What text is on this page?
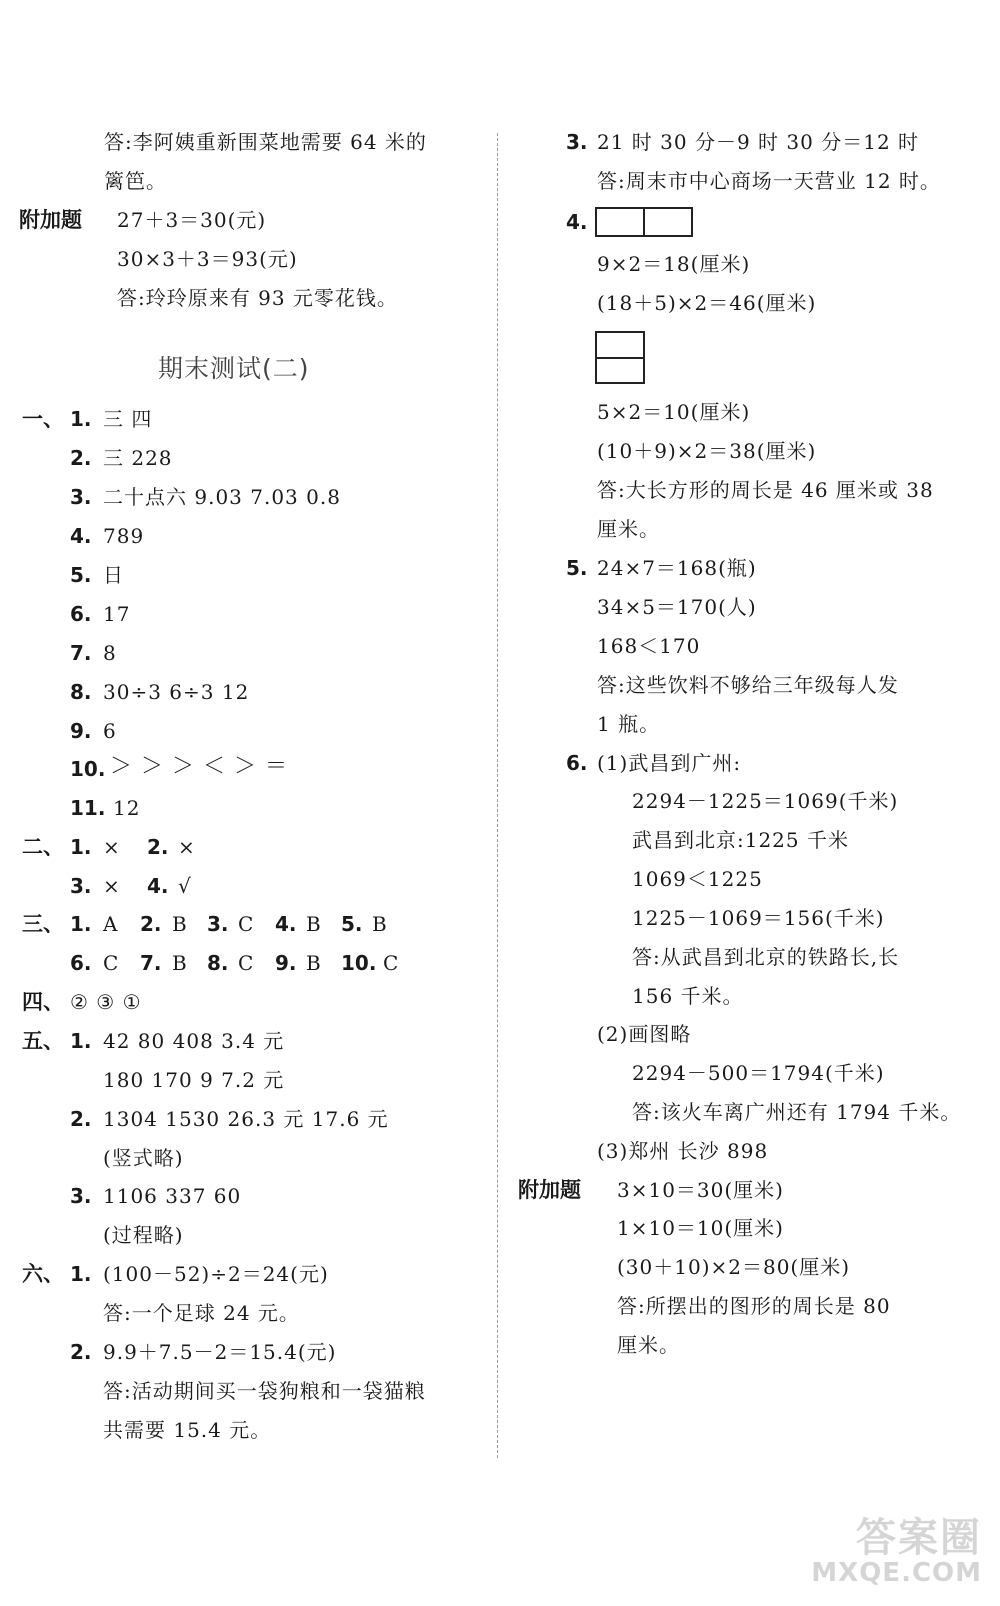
答:李阿姨重新围菜地需要 64 米的
篱笆。
附加题 27＋3＝30(元)
30×3＋3＝93(元)
答:玲玲原来有 93 元零花钱。
期末测试(二)
一、 1. 三 四
2. 三 228
3. 二十点六 9.03 7.03 0.8
4. 789
5. 日
6. 17
7. 8
8. 30÷3 6÷3 12
9. 6
10. ＞ ＞ ＞ ＜ ＞ ＝
11. 12
二、 1. × 2. ×
3. × 4. √
三、 1. A 2. B 3. C 4. B 5. B
6. C 7. B 8. C 9. B 10. C
四、 ② ③ ①
五、 1. 42 80 408 3.4 元
180 170 9 7.2 元
2. 1304 1530 26.3 元 17.6 元
(竖式略)
3. 1106 337 60
(过程略)
六、 1. (100－52)÷2＝24(元)
答:一个足球 24 元。
2. 9.9＋7.5－2＝15.4(元)
答:活动期间买一袋狗粮和一袋猫粮
共需要 15.4 元。
3. 21 时 30 分－9 时 30 分＝12 时
答:周末市中心商场一天营业 12 时。
4.
9×2＝18(厘米)
(18＋5)×2＝46(厘米)
5×2＝10(厘米)
(10＋9)×2＝38(厘米)
答:大长方形的周长是 46 厘米或 38
厘米。
5. 24×7＝168(瓶)
34×5＝170(人)
168＜170
答:这些饮料不够给三年级每人发
1 瓶。
6. (1)武昌到广州:
2294－1225＝1069(千米)
武昌到北京:1225 千米
1069＜1225
1225－1069＝156(千米)
答:从武昌到北京的铁路长,长
156 千米。
(2)画图略
2294－500＝1794(千米)
答:该火车离广州还有 1794 千米。
(3)郑州 长沙 898
附加题 3×10＝30(厘米)
1×10＝10(厘米)
(30＋10)×2＝80(厘米)
答:所摆出的图形的周长是 80
厘米。
答案圈
MXQE.COM
